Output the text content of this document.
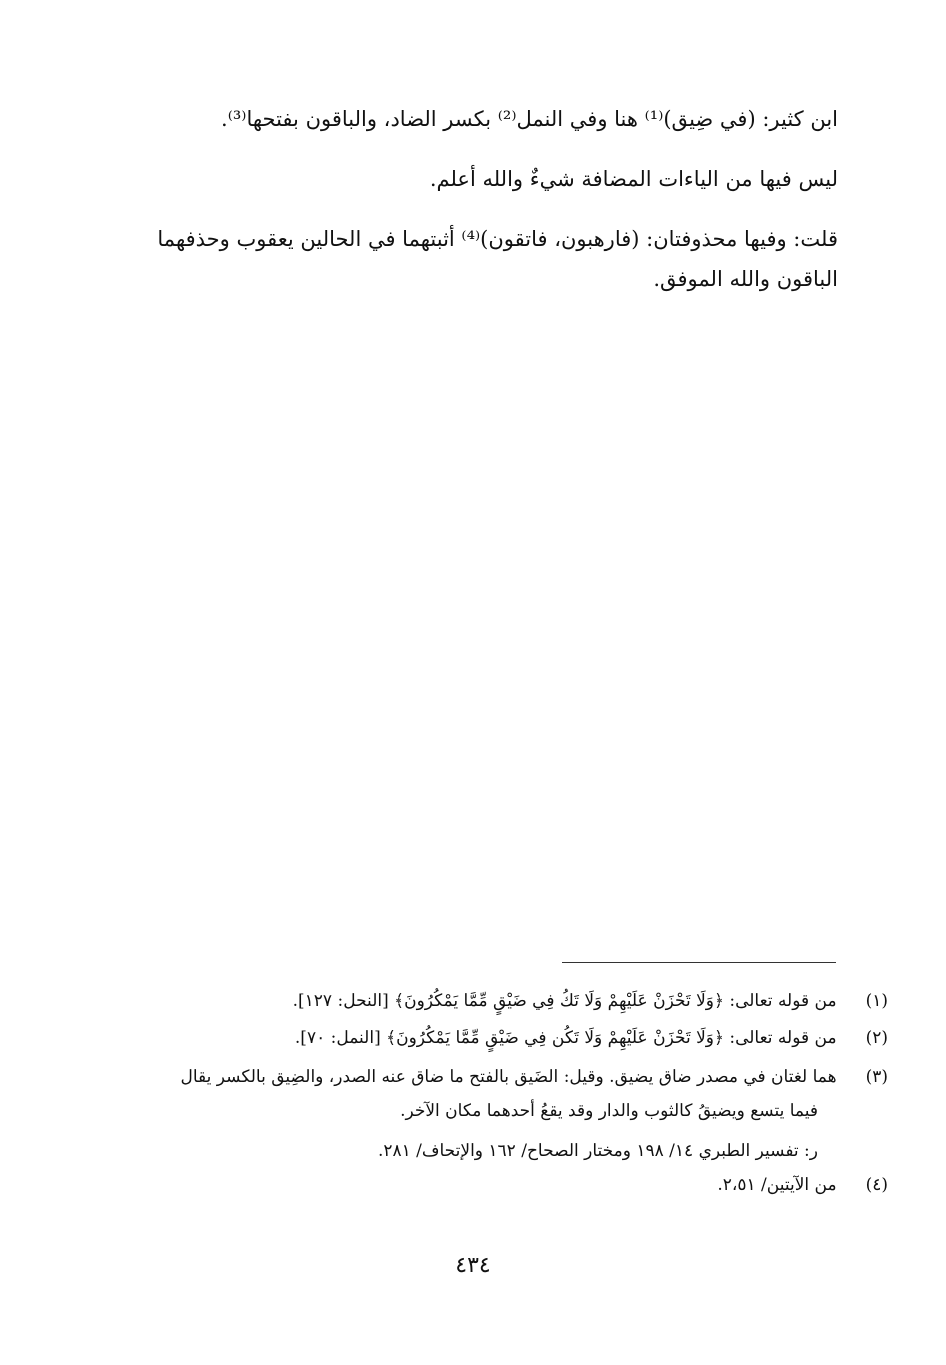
ابن كثير: (في ضِيق)⁽¹⁾ هنا وفي النمل⁽²⁾ بكسر الضاد، والباقون بفتحها⁽³⁾.
ليس فيها من الياءات المضافة شيءٌ والله أعلم.
قلت: وفيها محذوفتان: (فارهبون، فاتقون)⁽⁴⁾ أثبتهما في الحالين يعقوب وحذفهما
الباقون والله الموفق.
(١) من قوله تعالى: ﴿وَلَا تَحْزَنْ عَلَيْهِمْ وَلَا تَكُ فِي ضَيْقٍ مِّمَّا يَمْكُرُونَ﴾ [النحل: ١٢٧].
(٢) من قوله تعالى: ﴿وَلَا تَحْزَنْ عَلَيْهِمْ وَلَا تَكُن فِي ضَيْقٍ مِّمَّا يَمْكُرُونَ﴾ [النمل: ٧٠].
(٣) هما لغتان في مصدر ضاق يضيق. وقيل: الضَيق بالفتح ما ضاق عنه الصدر، والضِيق بالكسر يقال
فيما يتسع ويضيقُ كالثوب والدار وقد يقعُ أحدهما مكان الآخر.
ر: تفسير الطبري ١٤/ ١٩٨ ومختار الصحاح/ ١٦٢ والإتحاف/ ٢٨١.
(٤) من الآيتين/ ٢،٥١.
٤٣٤
